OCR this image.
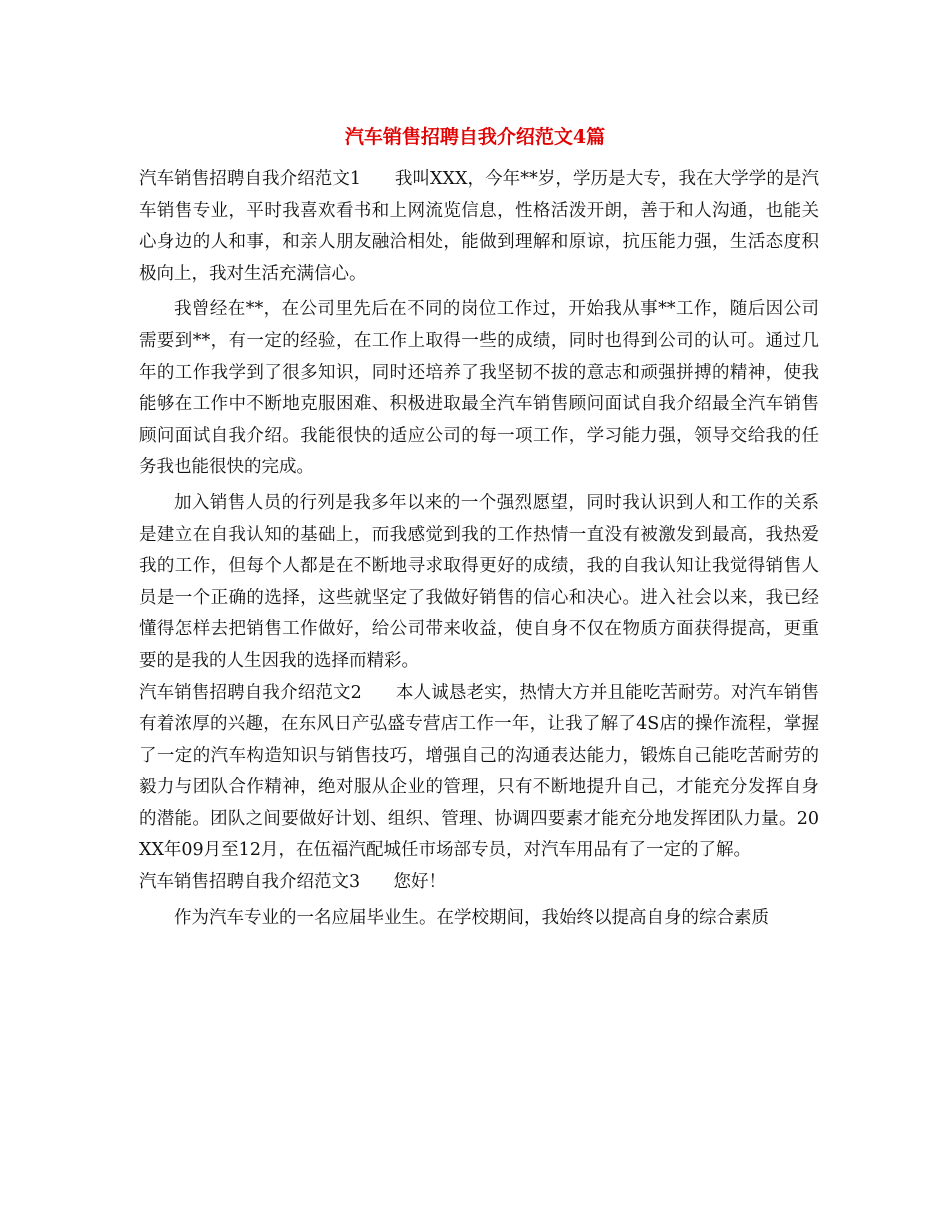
汽车销售招聘自我介绍范文4篇

汽车销售招聘自我介绍范文1 我叫XXX，今年**岁，学历是大专，我在大学学的是汽车销售专业，平时我喜欢看书和上网流览信息，性格活泼开朗，善于和人沟通，也能关心身边的人和事，和亲人朋友融洽相处，能做到理解和原谅，抗压能力强，生活态度积极向上，我对生活充满信心。

我曾经在**，在公司里先后在不同的岗位工作过，开始我从事**工作，随后因公司需要到**，有一定的经验，在工作上取得一些的成绩，同时也得到公司的认可。通过几年的工作我学到了很多知识，同时还培养了我坚韧不拔的意志和顽强拼搏的精神，使我能够在工作中不断地克服困难、积极进取最全汽车销售顾问面试自我介绍最全汽车销售顾问面试自我介绍。我能很快的适应公司的每一项工作，学习能力强，领导交给我的任务我也能很快的完成。

加入销售人员的行列是我多年以来的一个强烈愿望，同时我认识到人和工作的关系是建立在自我认知的基础上，而我感觉到我的工作热情一直没有被激发到最高，我热爱我的工作，但每个人都是在不断地寻求取得更好的成绩，我的自我认知让我觉得销售人员是一个正确的选择，这些就坚定了我做好销售的信心和决心。进入社会以来，我已经懂得怎样去把销售工作做好，给公司带来收益，使自身不仅在物质方面获得提高，更重要的是我的人生因我的选择而精彩。

汽车销售招聘自我介绍范文2 本人诚恳老实，热情大方并且能吃苦耐劳。对汽车销售有着浓厚的兴趣，在东风日产弘盛专营店工作一年，让我了解了4S店的操作流程，掌握了一定的汽车构造知识与销售技巧，增强自己的沟通表达能力，锻炼自己能吃苦耐劳的毅力与团队合作精神，绝对服从企业的管理，只有不断地提升自己，才能充分发挥自身的潜能。团队之间要做好计划、组织、管理、协调四要素才能充分地发挥团队力量。20 XX年09月至12月，在伍福汽配城任市场部专员，对汽车用品有了一定的了解。

汽车销售招聘自我介绍范文3 您好！

作为汽车专业的一名应届毕业生。在学校期间，我始终以提高自身的综合素质
